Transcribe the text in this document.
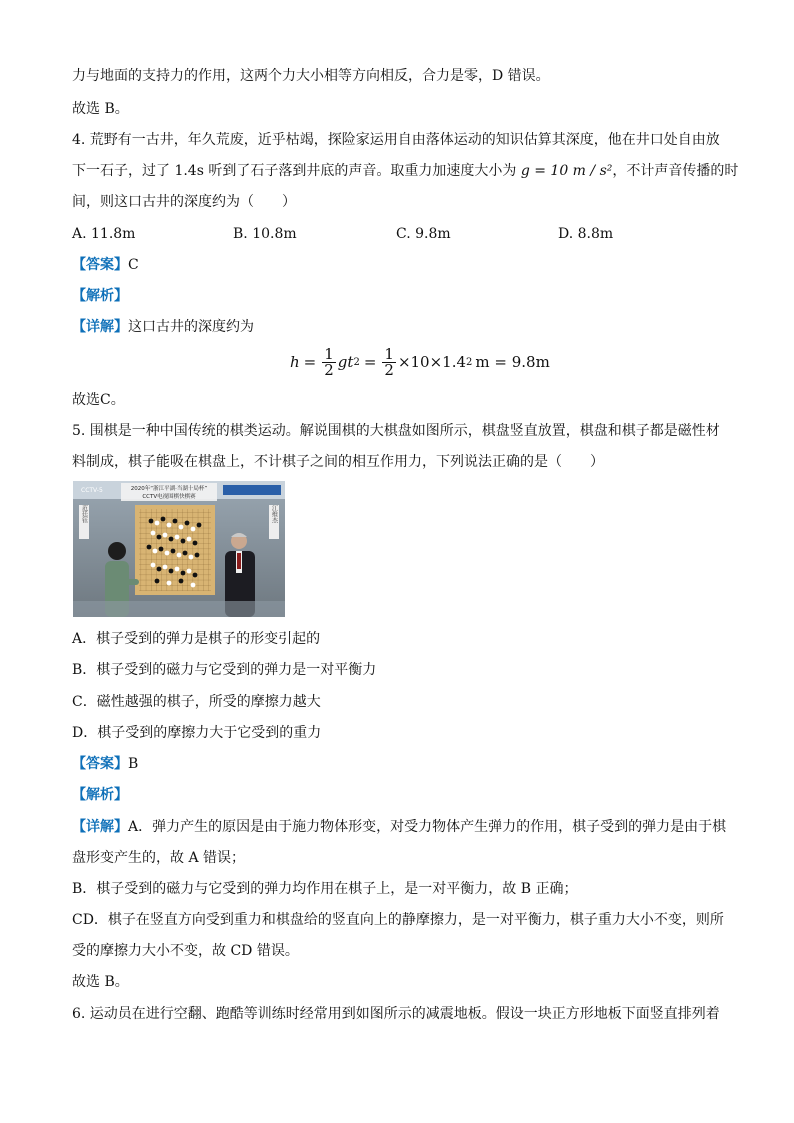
力与地面的支持力的作用，这两个力大小相等方向相反，合力是零，D 错误。
故选 B。
4. 荒野有一古井，年久荒废，近乎枯竭，探险家运用自由落体运动的知识估算其深度，他在井口处自由放
下一石子，过了 1.4s 听到了石子落到井底的声音。取重力加速度大小为 g = 10 m / s²，不计声音传播的时
间，则这口古井的深度约为（　　）
A. 11.8m	B. 10.8m	C. 9.8m	D. 8.8m
【答案】C
【解析】
【详解】这口古井的深度约为
$h = \frac{1}{2}$ gt $2 = \frac{1}{2} \times 10\times 1.4$ 2 m = 9.8m
故选C。
5. 围棋是一种中国传统的棋类运动。解说围棋的大棋盘如图所示，棋盘竖直放置，棋盘和棋子都是磁性材
料制成，棋子能吸在棋盘上，不计棋子之间的相互作用力，下列说法正确的是（　　）
CCTV-5	2020年“浙江平湖·当湖十局杯”
CCTV电视围棋快棋赛
范廷钰	江维杰
A．棋子受到的弹力是棋子的形变引起的
B．棋子受到的磁力与它受到的弹力是一对平衡力
C．磁性越强的棋子，所受的摩擦力越大
D．棋子受到的摩擦力大于它受到的重力
【答案】B
【解析】
【详解】A．弹力产生的原因是由于施力物体形变，对受力物体产生弹力的作用，棋子受到的弹力是由于棋
盘形变产生的，故 A 错误；
B．棋子受到的磁力与它受到的弹力均作用在棋子上，是一对平衡力，故 B 正确；
CD．棋子在竖直方向受到重力和棋盘给的竖直向上的静摩擦力，是一对平衡力，棋子重力大小不变，则所
受的摩擦力大小不变，故 CD 错误。
故选 B。
6. 运动员在进行空翻、跑酷等训练时经常用到如图所示的减震地板。假设一块正方形地板下面竖直排列着
